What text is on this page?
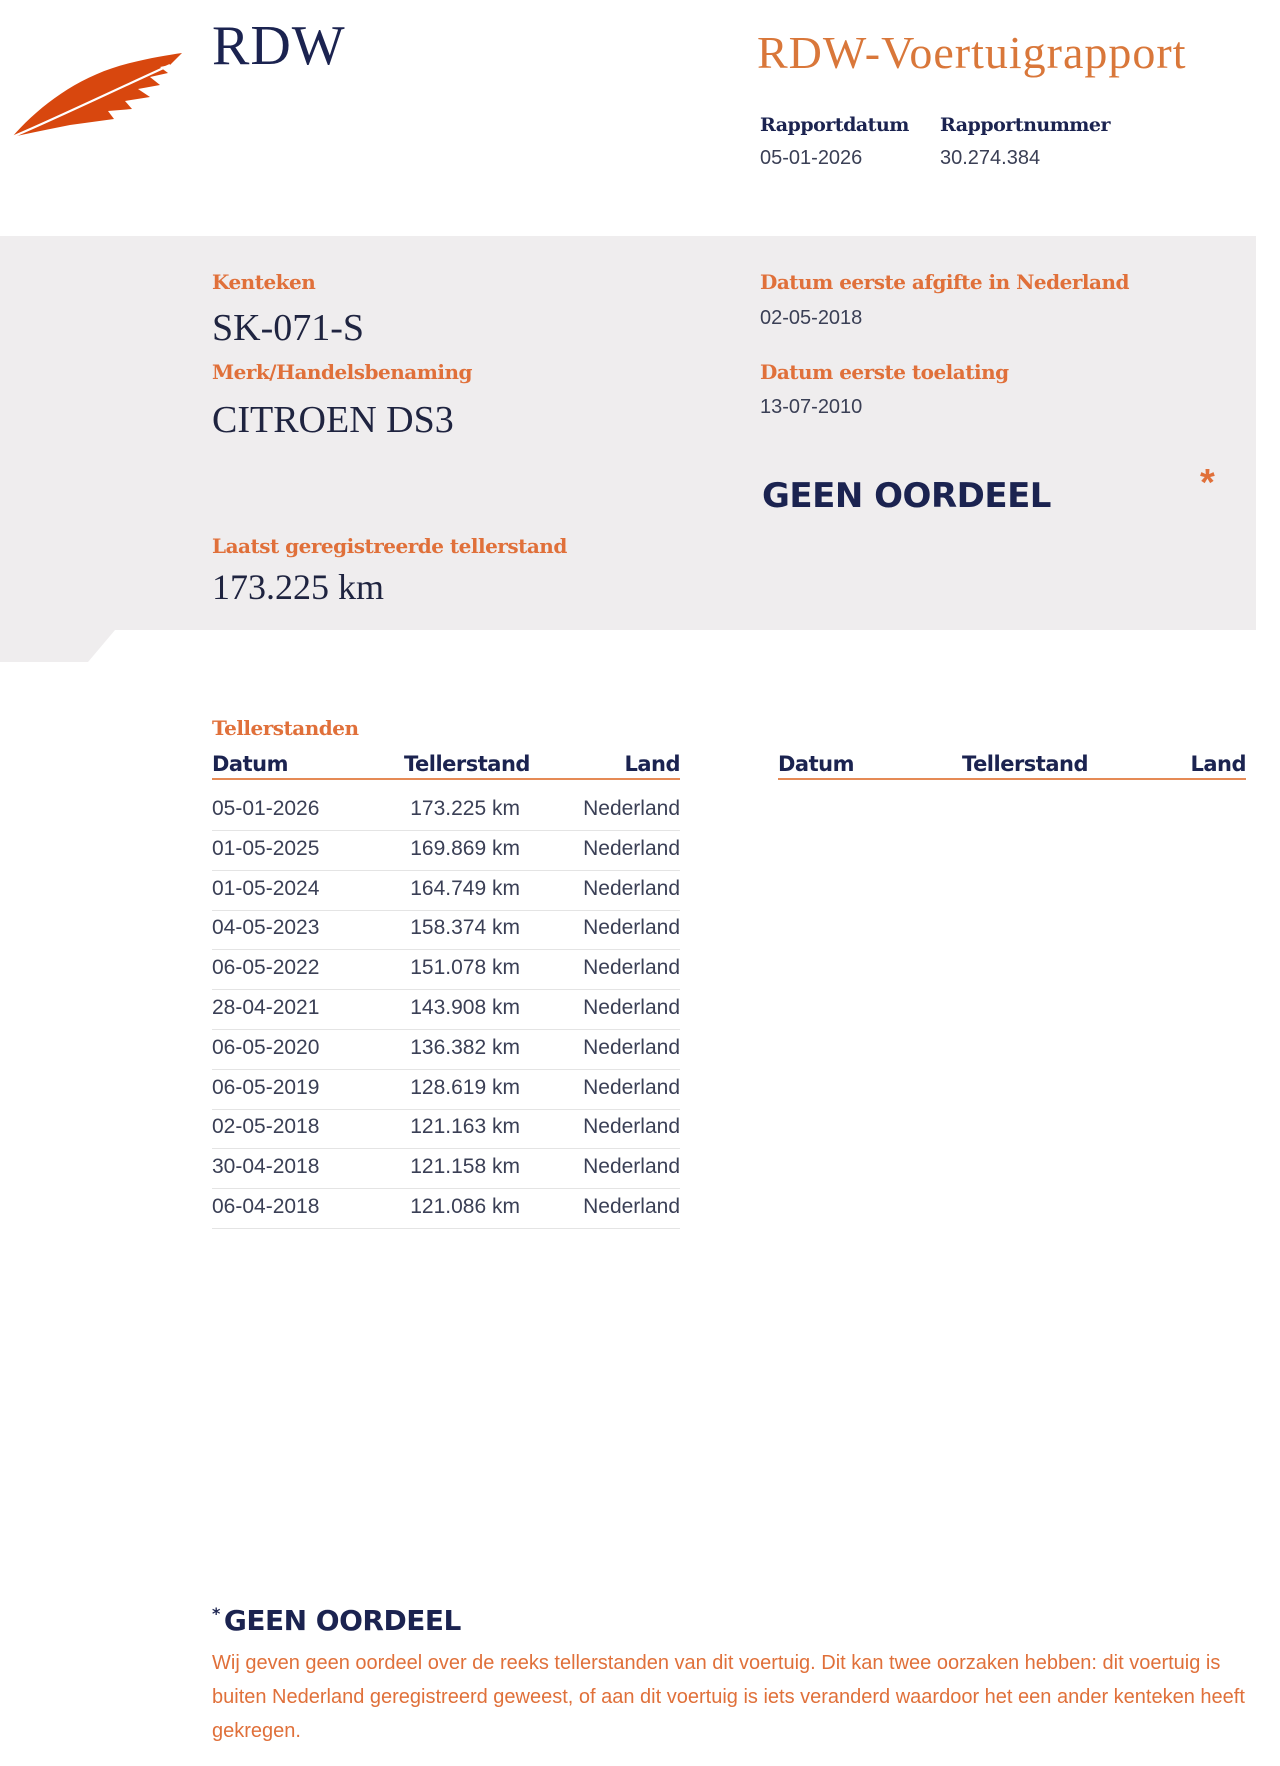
RDW	RDW-Voertuigrapport
Rapportdatum
05-01-2026
Rapportnummer
30.274.384
Kenteken
SK-071-S
Merk/Handelsbenaming
CITROEN DS3
Datum eerste afgifte in Nederland
02-05-2018
Datum eerste toelating
13-07-2010
GEEN OORDEEL	*
Laatst geregistreerde tellerstand
173.225 km
Tellerstanden
Datum	Tellerstand	Land
05-01-2026	173.225 km	Nederland
01-05-2025	169.869 km	Nederland
01-05-2024	164.749 km	Nederland
04-05-2023	158.374 km	Nederland
06-05-2022	151.078 km	Nederland
28-04-2021	143.908 km	Nederland
06-05-2020	136.382 km	Nederland
06-05-2019	128.619 km	Nederland
02-05-2018	121.163 km	Nederland
30-04-2018	121.158 km	Nederland
06-04-2018	121.086 km	Nederland
Datum	Tellerstand	Land
* GEEN OORDEEL
Wij geven geen oordeel over de reeks tellerstanden van dit voertuig. Dit kan twee oorzaken hebben: dit voertuig is buiten Nederland geregistreerd geweest, of aan dit voertuig is iets veranderd waardoor het een ander kenteken heeft gekregen.
